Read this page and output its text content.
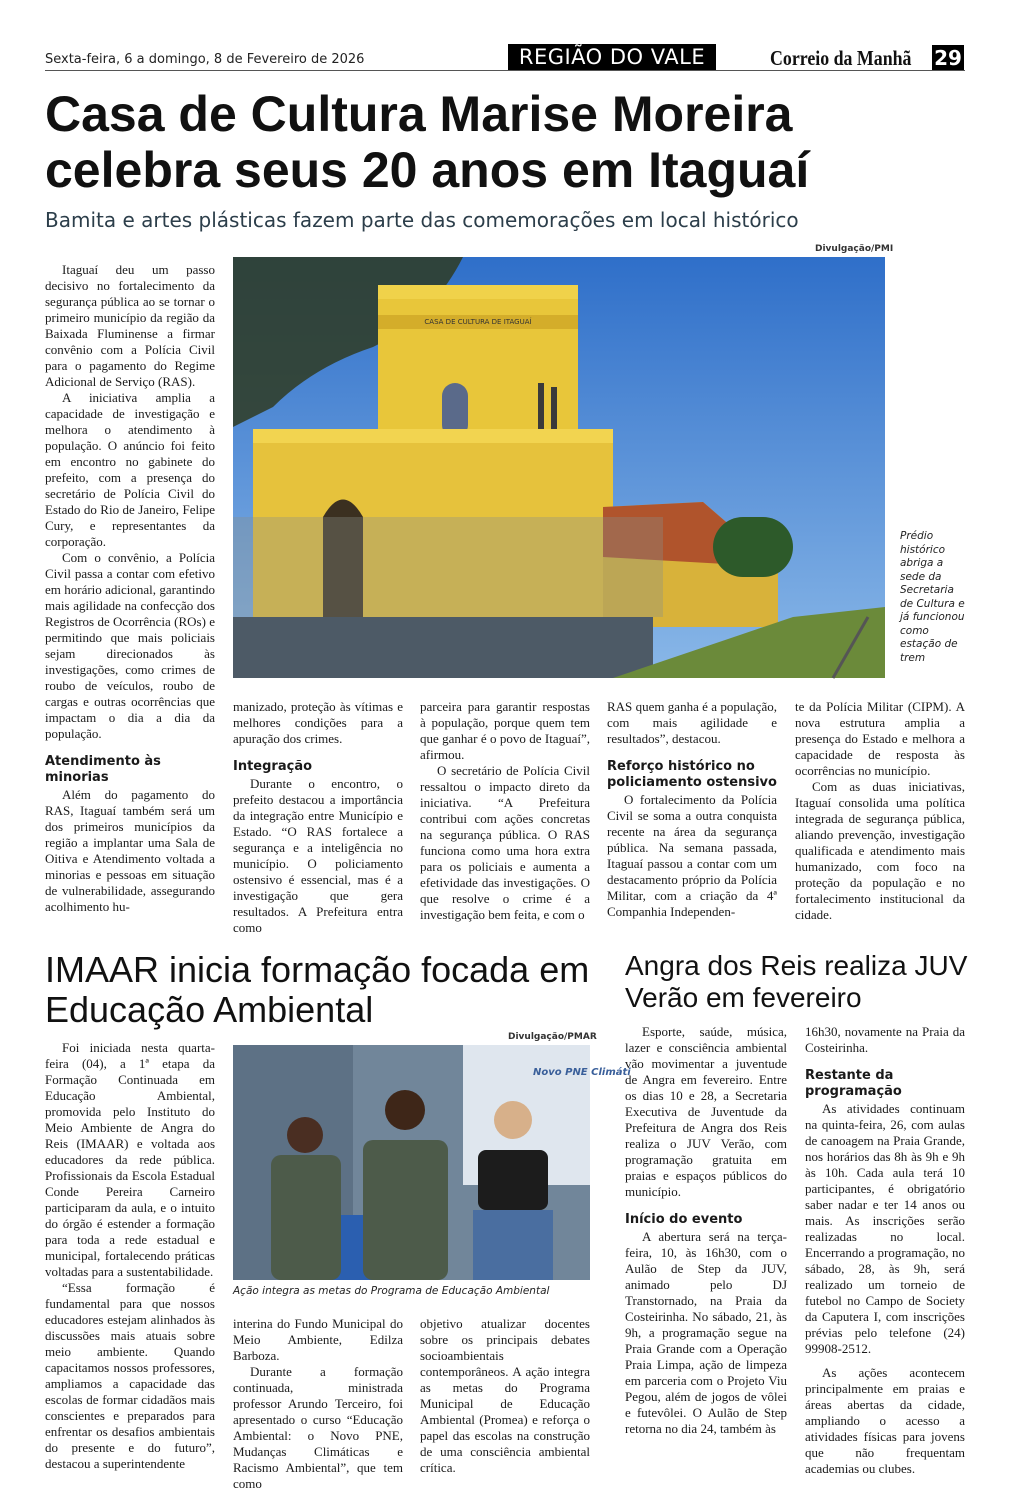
Sexta-feira, 6 a domingo, 8 de Fevereiro de 2026	REGIÃO DO VALE	Correio da Manhã 29
Casa de Cultura Marise Moreira celebra seus 20 anos em Itaguaí
Bamita e artes plásticas fazem parte das comemorações em local histórico
Divulgação/PMI
CASA DE CULTURA DE ITAGUAÍ
Prédio histórico abriga a sede da Secretaria de Cultura e já funcionou como estação de trem

Itaguaí deu um passo decisivo no fortalecimento da segurança pública ao se tornar o primeiro município da região da Baixada Fluminense a firmar convênio com a Polícia Civil para o pagamento do Regime Adicional de Serviço (RAS).

A iniciativa amplia a capacidade de investigação e melhora o atendimento à população. O anúncio foi feito em encontro no gabinete do prefeito, com a presença do secretário de Polícia Civil do Estado do Rio de Janeiro, Felipe Cury, e representantes da corporação.

Com o convênio, a Polícia Civil passa a contar com efetivo em horário adicional, garantindo mais agilidade na confecção dos Registros de Ocorrência (ROs) e permitindo que mais policiais sejam direcionados às investigações, como crimes de roubo de veículos, roubo de cargas e outras ocorrências que impactam o dia a dia da população.

Atendimento às minorias

Além do pagamento do RAS, Itaguaí também será um dos primeiros municípios da região a implantar uma Sala de Oitiva e Atendimento voltada a minorias e pessoas em situação de vulnerabilidade, assegurando acolhimento hu-

manizado, proteção às vítimas e melhores condições para a apuração dos crimes.

Integração

Durante o encontro, o prefeito destacou a importância da integração entre Município e Estado. “O RAS fortalece a segurança e a inteligência no município. O policiamento ostensivo é essencial, mas é a investigação que gera resultados. A Prefeitura entra como

parceira para garantir respostas à população, porque quem tem que ganhar é o povo de Itaguaí”, afirmou.

O secretário de Polícia Civil ressaltou o impacto direto da iniciativa. “A Prefeitura contribui com ações concretas na segurança pública. O RAS funciona como uma hora extra para os policiais e aumenta a efetividade das investigações. O que resolve o crime é a investigação bem feita, e com o

RAS quem ganha é a população, com mais agilidade e resultados”, destacou.

Reforço histórico no policiamento ostensivo

O fortalecimento da Polícia Civil se soma a outra conquista recente na área da segurança pública. Na semana passada, Itaguaí passou a contar com um destacamento próprio da Polícia Militar, com a criação da 4ª Companhia Independen-

te da Polícia Militar (CIPM). A nova estrutura amplia a presença do Estado e melhora a capacidade de resposta às ocorrências no município.

Com as duas iniciativas, Itaguaí consolida uma política integrada de segurança pública, aliando prevenção, investigação qualificada e atendimento mais humanizado, com foco na proteção da população e no fortalecimento institucional da cidade.

IMAAR inicia formação focada em Educação Ambiental
Divulgação/PMAR
Novo PNE Climáti
Ação integra as metas do Programa de Educação Ambiental

Foi iniciada nesta quarta-feira (04), a 1ª etapa da Formação Continuada em Educação Ambiental, promovida pelo Instituto do Meio Ambiente de Angra do Reis (IMAAR) e voltada aos educadores da rede pública. Profissionais da Escola Estadual Conde Pereira Carneiro participaram da aula, e o intuito do órgão é estender a formação para toda a rede estadual e municipal, fortalecendo práticas voltadas para a sustentabilidade.

“Essa formação é fundamental para que nossos educadores estejam alinhados às discussões mais atuais sobre meio ambiente. Quando capacitamos nossos professores, ampliamos a capacidade das escolas de formar cidadãos mais conscientes e preparados para enfrentar os desafios ambientais do presente e do futuro”, destacou a superintendente

interina do Fundo Municipal do Meio Ambiente, Edilza Barboza.

Durante a formação continuada, ministrada professor Arundo Terceiro, foi apresentado o curso “Educação Ambiental: o Novo PNE, Mudanças Climáticas e Racismo Ambiental”, que tem como

objetivo atualizar docentes sobre os principais debates socioambientais contemporâneos. A ação integra as metas do Programa Municipal de Educação Ambiental (Promea) e reforça o papel das escolas na construção de uma consciência ambiental crítica.

Angra dos Reis realiza JUV Verão em fevereiro

Esporte, saúde, música, lazer e consciência ambiental vão movimentar a juventude de Angra em fevereiro. Entre os dias 10 e 28, a Secretaria Executiva de Juventude da Prefeitura de Angra dos Reis realiza o JUV Verão, com programação gratuita em praias e espaços públicos do município.

Início do evento

A abertura será na terça-feira, 10, às 16h30, com o Aulão de Step da JUV, animado pelo DJ Transtornado, na Praia da Costeirinha. No sábado, 21, às 9h, a programação segue na Praia Grande com a Operação Praia Limpa, ação de limpeza em parceria com o Projeto Viu Pegou, além de jogos de vôlei e futevôlei. O Aulão de Step retorna no dia 24, também às

16h30, novamente na Praia da Costeirinha.

Restante da programação

As atividades continuam na quinta-feira, 26, com aulas de canoagem na Praia Grande, nos horários das 8h às 9h e 9h às 10h. Cada aula terá 10 participantes, é obrigatório saber nadar e ter 14 anos ou mais. As inscrições serão realizadas no local. Encerrando a programação, no sábado, 28, às 9h, será realizado um torneio de futebol no Campo de Society da Caputera I, com inscrições prévias pelo telefone (24) 99908-2512.

As ações acontecem principalmente em praias e áreas abertas da cidade, ampliando o acesso a atividades físicas para jovens que não frequentam academias ou clubes.
